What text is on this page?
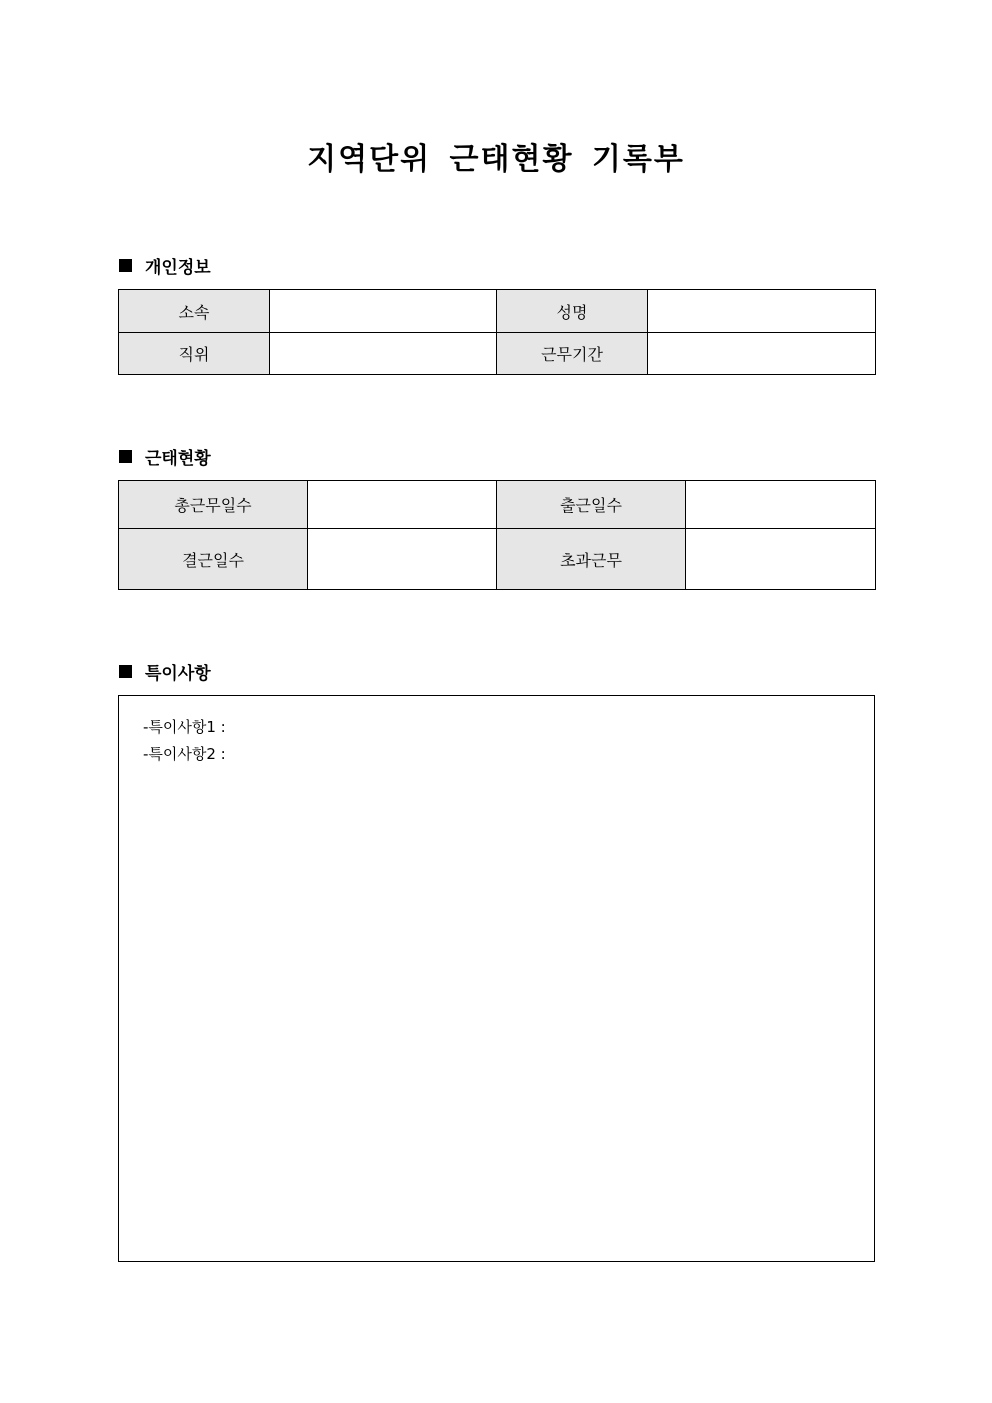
지역단위 근태현황 기록부
개인정보
소속		성명	
직위		근무기간	
근태현황
총근무일수		출근일수	
결근일수		초과근무	
특이사항
-특이사항1 :
-특이사항2 :
